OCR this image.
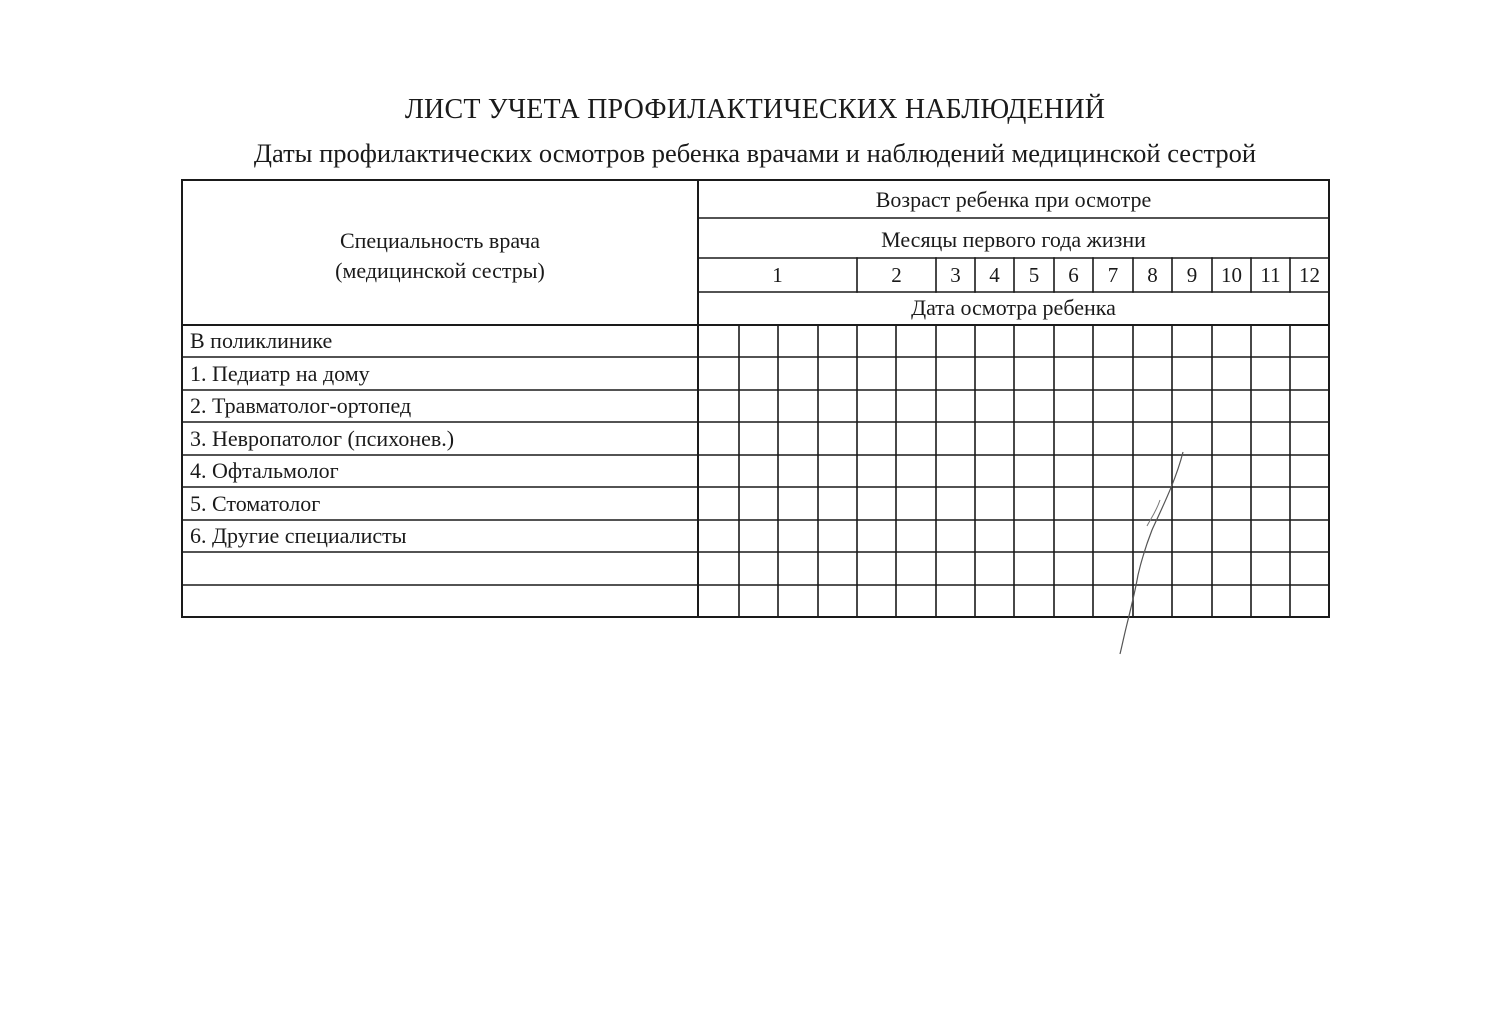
ЛИСТ УЧЕТА ПРОФИЛАКТИЧЕСКИХ НАБЛЮДЕНИЙ
Даты профилактических осмотров ребенка врачами и наблюдений медицинской сестрой
Специальность врача
(медицинской сестры)
Возраст ребенка при осмотре
Месяцы первого года жизни
Дата осмотра ребенка
1	2	3	4	5	6	7	8	9	10 11 12
В поликлинике
1. Педиатр на дому
2. Травматолог-ортопед
3. Невропатолог (психонев.)
4. Офтальмолог
5. Стоматолог
6. Другие специалисты
